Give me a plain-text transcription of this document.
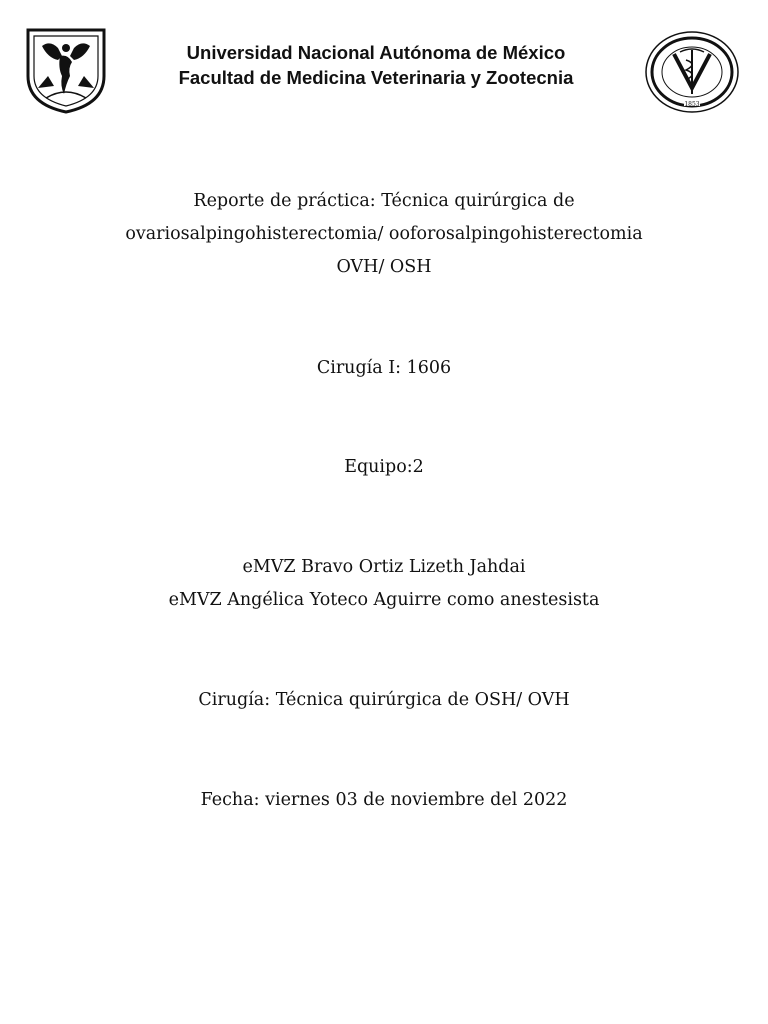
Universidad Nacional Autónoma de México
Facultad de Medicina Veterinaria y Zootecnia
1853
Reporte de práctica: Técnica quirúrgica de
ovariosalpingohisterectomia/ ooforosalpingohisterectomia
OVH/ OSH
Cirugía I: 1606
Equipo:2
eMVZ Bravo Ortiz Lizeth Jahdai
eMVZ Angélica Yoteco Aguirre como anestesista
Cirugía: Técnica quirúrgica de OSH/ OVH
Fecha: viernes 03 de noviembre del 2022
